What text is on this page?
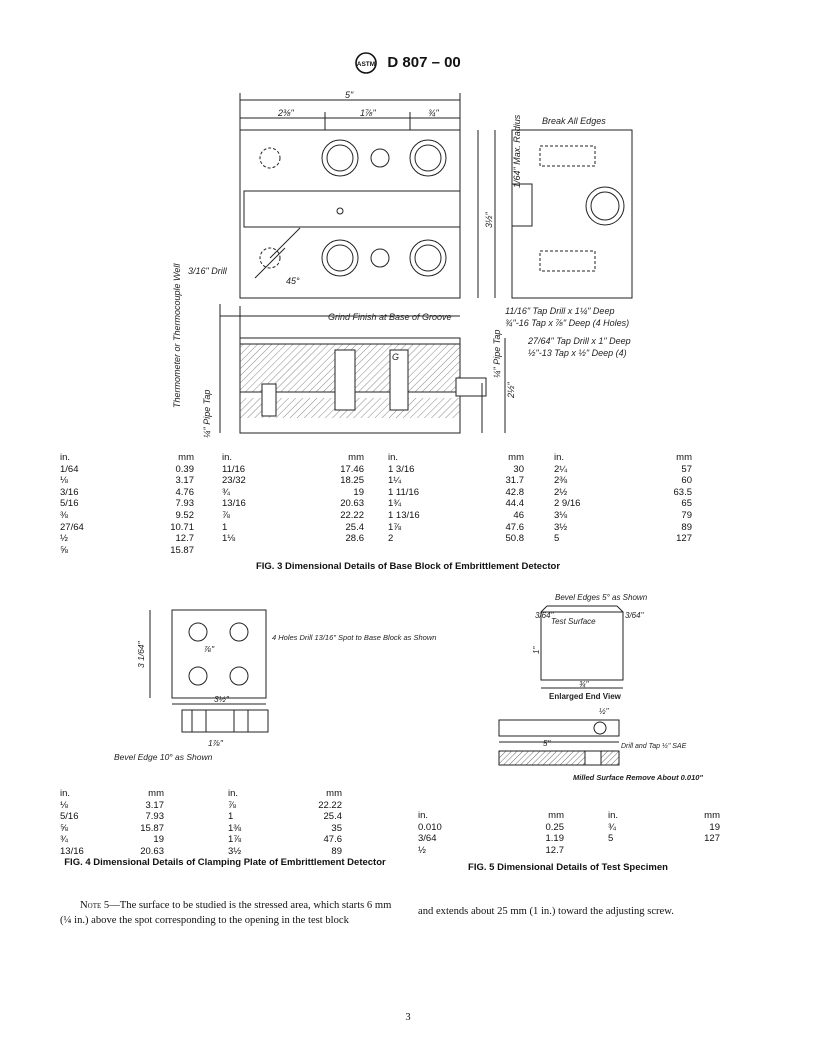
ASTM D 807 – 00
5"
2⅜"	1⅞"	¾"
Break All Edges
3/16" Drill
45°
Grind Finish at Base of Groove
G
11/16" Tap Drill x 1¼" Deep
¾"-16 Tap x ⅞" Deep (4 Holes)
27/64" Tap Drill x 1" Deep
½"-13 Tap x ½" Deep (4)
Thermometer or Thermocouple Well
¼" Pipe Tap
¼" Pipe Tap
1/64" Max. Radius
2½"
3½"
in.	mm	in.	mm	in.	mm	in.	mm
1/64	0.39	11/16	17.46	1 3/16	30	2¼	57
⅛	3.17	23/32	18.25	1¼	31.7	2⅜	60
3/16	4.76	¾	19	1 11/16	42.8	2½	63.5
5/16	7.93	13/16	20.63	1¾	44.4	2 9/16	65
⅜	9.52	⅞	22.22	1 13/16	46	3⅛	79
27/64	10.71	1	25.4	1⅞	47.6	3½	89
½	12.7	1⅛	28.6	2	50.8	5	127
⅝	15.87
FIG. 3 Dimensional Details of Base Block of Embrittlement Detector
4 Holes Drill 13/16" Spot to Base Block as Shown
3½"
⅞"
1⅞"
Bevel Edge 10° as Shown
3 1/64"
Bevel Edges 5° as Shown
Test Surface
3/64"	3/64"
¾"
Enlarged End View
½"
5"	Drill and Tap ½" SAE
Milled Surface Remove About 0.010"
1"
in.	mm	in.	mm
⅛	3.17	⅞	22.22
5/16	7.93	1	25.4
⅝	15.87	1⅜	35
¾	19	1⅞	47.6
13/16	20.63	3½	89
FIG. 4 Dimensional Details of Clamping Plate of Embrittlement Detector
in.	mm	in.	mm
0.010	0.25	¾	19
3/64	1.19	5	127
½	12.7
FIG. 5 Dimensional Details of Test Specimen
Note 5—The surface to be studied is the stressed area, which starts 6 mm (¼ in.) above the spot corresponding to the opening in the test block
and extends about 25 mm (1 in.) toward the adjusting screw.
3
